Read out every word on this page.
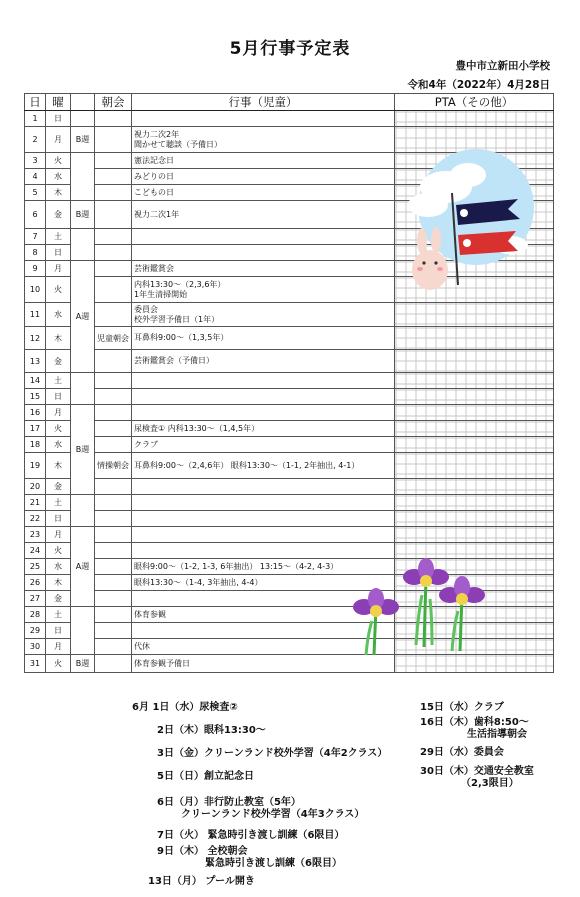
5月行事予定表
豊中市立新田小学校
令和4年（2022年）4月28日
日	曜		朝会	行事（児童）	PTA（その他）
1	日				
2	月	B週		視力二次2年
聞かせて聴談（予備日）	

3	火			憲法記念日	

4	水			みどりの日	

5	木			こどもの日	

6	金	B週		視力二次1年	

7	土				
8	日				
9	月	A週		芸術鑑賞会	

10	火			内科13:30～（2,3,6年）
1年生清掃開始	

11	水			委員会
校外学習予備日（1年）	

12	木		児童朝会	耳鼻科9:00～（1,3,5年）	

13	金			芸術鑑賞会（予備日）	

14	土				
15	日				
16	月	B週			
17	火			尿検査① 内科13:30～（1,4,5年）	

18	水			クラブ	

19	木		情操朝会	耳鼻科9:00～（2,4,6年） 眼科13:30～（1-1, 2年抽出, 4-1）	

20	金				
21	土				
22	日				
23	月	A週			
24	火				
25	水			眼科9:00～（1-2, 1-3, 6年抽出） 13:15～（4-2, 4-3）	

26	木			眼科13:30～（1-4, 3年抽出, 4-4）	

27	金				
28	土			体育参観	

29	日				
30	月			代休	

31	火	B週		体育参観予備日	

6月 1日（水）尿検査②
2日（木）眼科13:30～
3日（金）クリーンランド校外学習（4年2クラス）
5日（日）創立記念日
6日（月）非行防止教室（5年）
クリーンランド校外学習（4年3クラス）
7日（火） 緊急時引き渡し訓練（6限目）
9日（木） 全校朝会
緊急時引き渡し訓練（6限目）
13日（月） プール開き
15日（水）クラブ
16日（木）歯科8:50～
生活指導朝会
29日（水）委員会
30日（木）交通安全教室
（2,3限目）
